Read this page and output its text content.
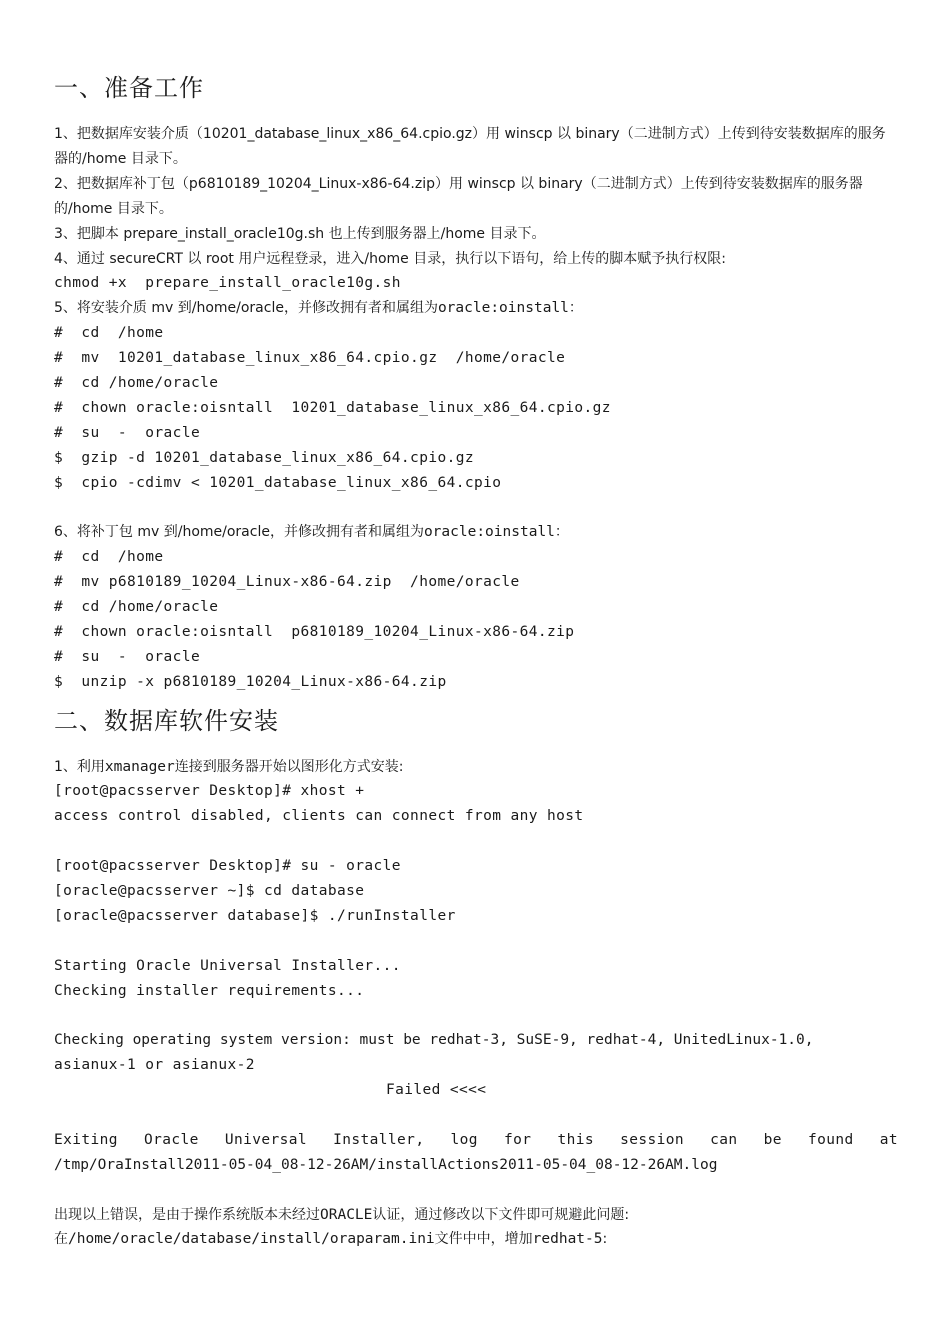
一、准备工作
1、把数据库安装介质（10201_database_linux_x86_64.cpio.gz）用 winscp 以 binary（二进制方式）上传到待安装数据库的服务器的/home 目录下。
2、把数据库补丁包（p6810189_10204_Linux-x86-64.zip）用 winscp 以 binary（二进制方式）上传到待安装数据库的服务器的/home 目录下。
3、把脚本 prepare_install_oracle10g.sh 也上传到服务器上/home 目录下。
4、通过 secureCRT 以 root 用户远程登录，进入/home 目录，执行以下语句，给上传的脚本赋予执行权限:
chmod +x  prepare_install_oracle10g.sh
5、将安装介质 mv 到/home/oracle，并修改拥有者和属组为oracle:oinstall：
#  cd  /home
#  mv  10201_database_linux_x86_64.cpio.gz  /home/oracle
#  cd /home/oracle
#  chown oracle:oisntall  10201_database_linux_x86_64.cpio.gz
#  su  -  oracle
$  gzip -d 10201_database_linux_x86_64.cpio.gz
$  cpio -cdimv < 10201_database_linux_x86_64.cpio
6、将补丁包 mv 到/home/oracle，并修改拥有者和属组为oracle:oinstall：
#  cd  /home
#  mv p6810189_10204_Linux-x86-64.zip  /home/oracle
#  cd /home/oracle
#  chown oracle:oisntall  p6810189_10204_Linux-x86-64.zip
#  su  -  oracle
$  unzip -x p6810189_10204_Linux-x86-64.zip
二、数据库软件安装
1、利用xmanager连接到服务器开始以图形化方式安装:
[root@pacsserver Desktop]# xhost +
access control disabled, clients can connect from any host
[root@pacsserver Desktop]# su - oracle
[oracle@pacsserver ~]$ cd database
[oracle@pacsserver database]$ ./runInstaller
Starting Oracle Universal Installer...
Checking installer requirements...
Checking operating system version: must be redhat-3, SuSE-9, redhat-4, UnitedLinux-1.0,
asianux-1 or asianux-2
Failed <<<<
Exiting Oracle Universal Installer, log for this session can be found at
/tmp/OraInstall2011-05-04_08-12-26AM/installActions2011-05-04_08-12-26AM.log
出现以上错误，是由于操作系统版本未经过ORACLE认证，通过修改以下文件即可规避此问题:
在/home/oracle/database/install/oraparam.ini文件中中，增加redhat-5:
